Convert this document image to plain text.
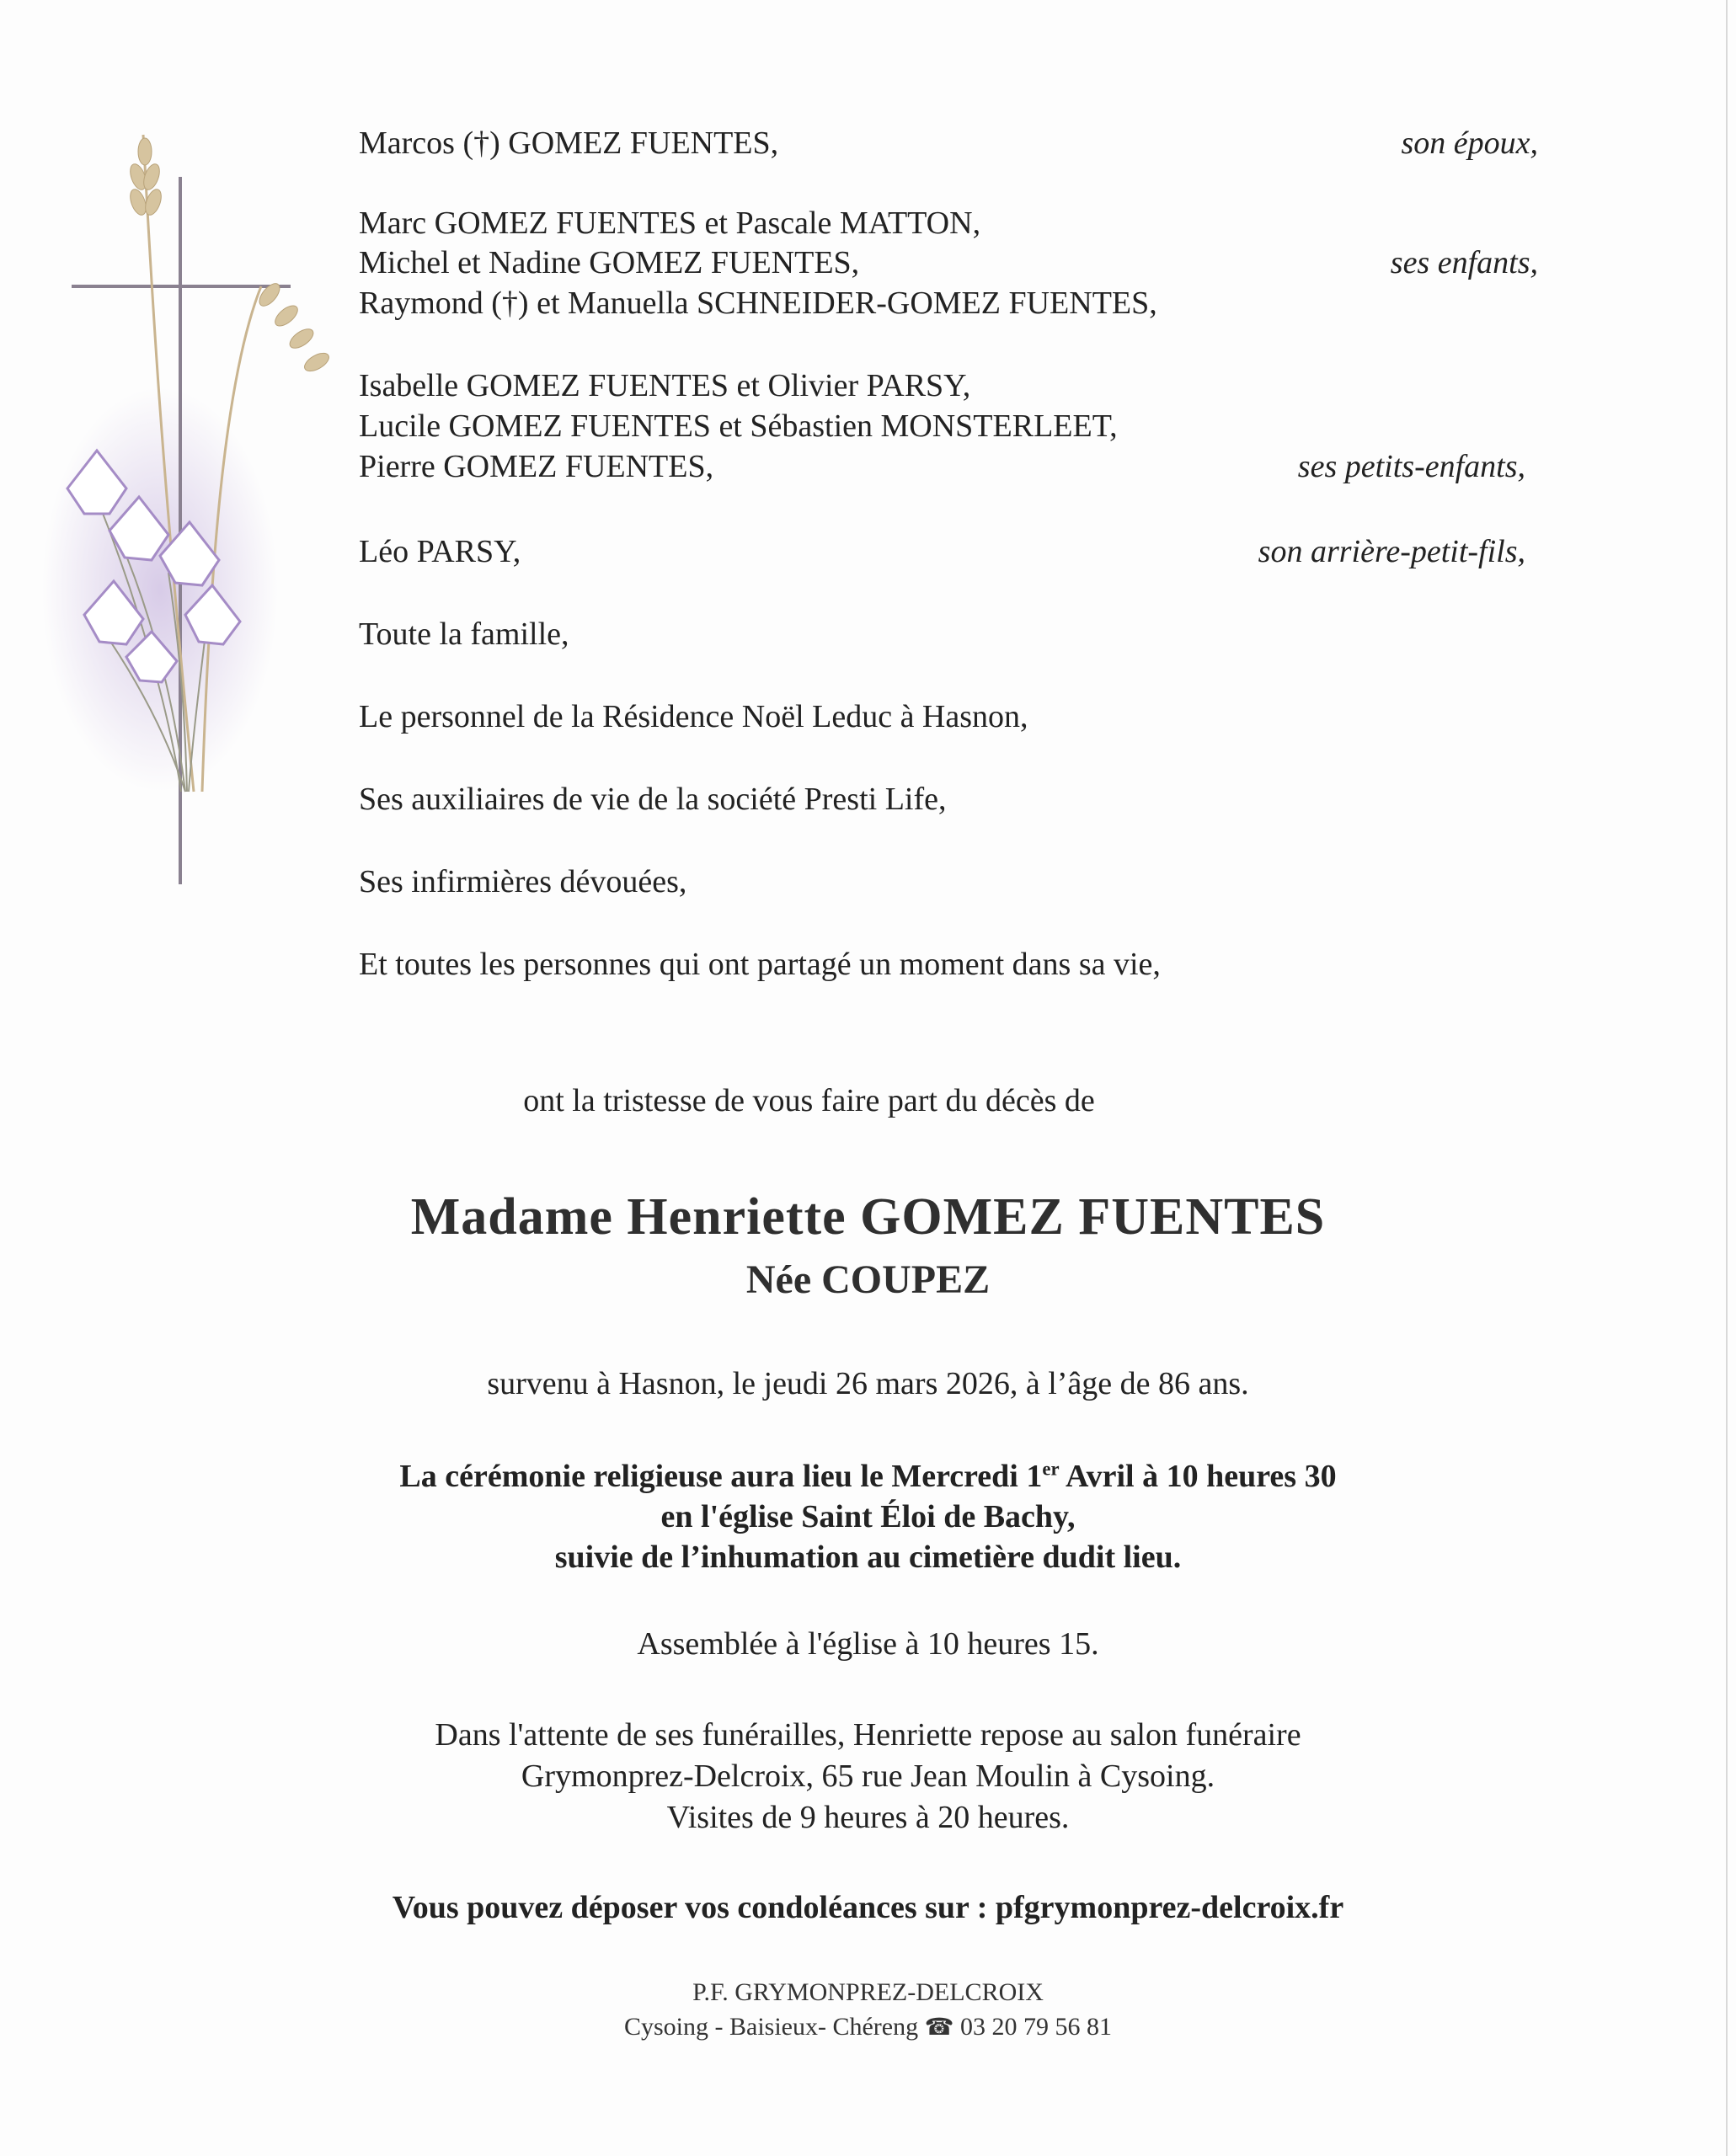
Marcos (†) GOMEZ FUENTES,	son époux,
Marc GOMEZ FUENTES et Pascale MATTON,
Michel et Nadine GOMEZ FUENTES,	ses enfants,
Raymond (†) et Manuella SCHNEIDER-GOMEZ FUENTES,
Isabelle GOMEZ FUENTES et Olivier PARSY,
Lucile GOMEZ FUENTES et Sébastien MONSTERLEET,
Pierre GOMEZ FUENTES,	ses petits-enfants,
Léo PARSY,	son arrière-petit-fils,
Toute la famille,
Le personnel de la Résidence Noël Leduc à Hasnon,
Ses auxiliaires de vie de la société Presti Life,
Ses infirmières dévouées,
Et toutes les personnes qui ont partagé un moment dans sa vie,
ont la tristesse de vous faire part du décès de
Madame Henriette GOMEZ FUENTES
Née COUPEZ
survenu à Hasnon, le jeudi 26 mars 2026, à l’âge de 86 ans.
La cérémonie religieuse aura lieu le Mercredi 1er Avril à 10 heures 30
en l'église Saint Éloi de Bachy,
suivie de l’inhumation au cimetière dudit lieu.
Assemblée à l'église à 10 heures 15.
Dans l'attente de ses funérailles, Henriette repose au salon funéraire
Grymonprez-Delcroix, 65 rue Jean Moulin à Cysoing.
Visites de 9 heures à 20 heures.
Vous pouvez déposer vos condoléances sur : pfgrymonprez-delcroix.fr
P.F. GRYMONPREZ-DELCROIX
Cysoing - Baisieux- Chéreng ☎ 03 20 79 56 81
